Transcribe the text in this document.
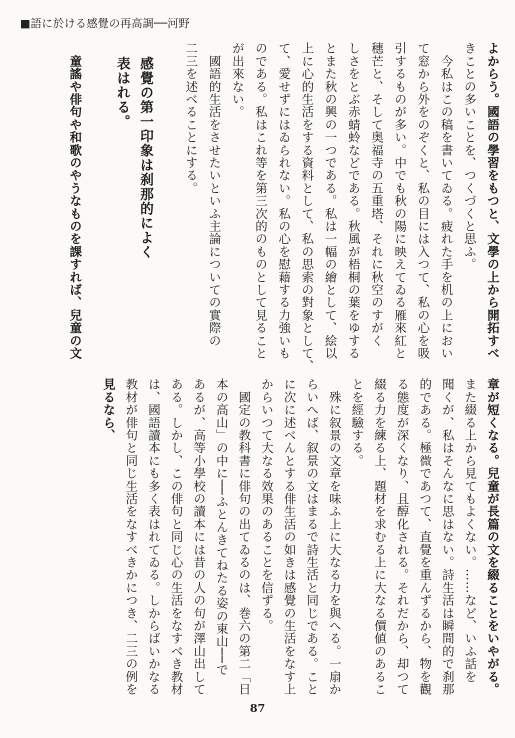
■語に於ける感覺の再高調──河野
よからう。國語の學習をもつと、文學の上から開拓すべ
きことの多いことを、つくづくと思ふ。
　今私はこの稿を書いてゐる。疲れた手を机の上におい
て窓から外をのぞくと、私の目には入つて、私の心を吸
引するものが多い。中でも秋の陽に映えてゐる雁來紅と
穗芒と、そして奥福寺の五重塔、それに秋空のすがく
しさをとぶ赤蜻蛉などである。秋風が梧桐の葉をゆする
とまた秋の興の一つである。私は一幅の繪として、絵以
上に心的生活をする資料として、私の思索の對象として、
て、愛せずにはゐられない。私の心を慰藉する力強いも
のである。私はこれ等を第三次的のものとして見ること
が出來ない。
　國語的生活をさせたいといふ主論についての實際の
二三を述べることにする。
　感覺の第一印象は刹那的によく
　表はれる。
　童謠や俳句や和歌のやうなものを課すれば、兒童の文
章が短くなる。兒童が長篇の文を綴ることをいやがる。
また綴る上から見てもよくない。……など、いふ話を
聞くが、私はそんなに思はない。詩生活は瞬間的で刹那
的である。極微であつて、直覺を重んずるから、物を觀
る態度が深くなり、且醇化される。それだから、却つて
綴る力を練る上、題材を求むる上に大なる價値のあるこ
とを經驗する。
　殊に叙景の文章を味ふ上に大なる力を與へる。一扇か
らいへば、叙景の文はまるで詩生活と同じである。こと
に次に述べんとする俳生活の如きは感覺の生活をなす上
からいつて大なる效果のあることを信ずる。
　國定の教科書に俳句の出てゐるのは、巻六の第二「日
本の高山」の中に──ふとんきてねたる姿の東山──で
あるが、高等小學校の讀本には昔の人の句が澤山出して
ある。しかし、この俳句と同じ心の生活をなすべき教材
は、國語讀本にも多く表はれてゐる。しからばいかなる
教材が俳句と同じ生活をなすべきかにつき、二三の例を
見るなら、
87
